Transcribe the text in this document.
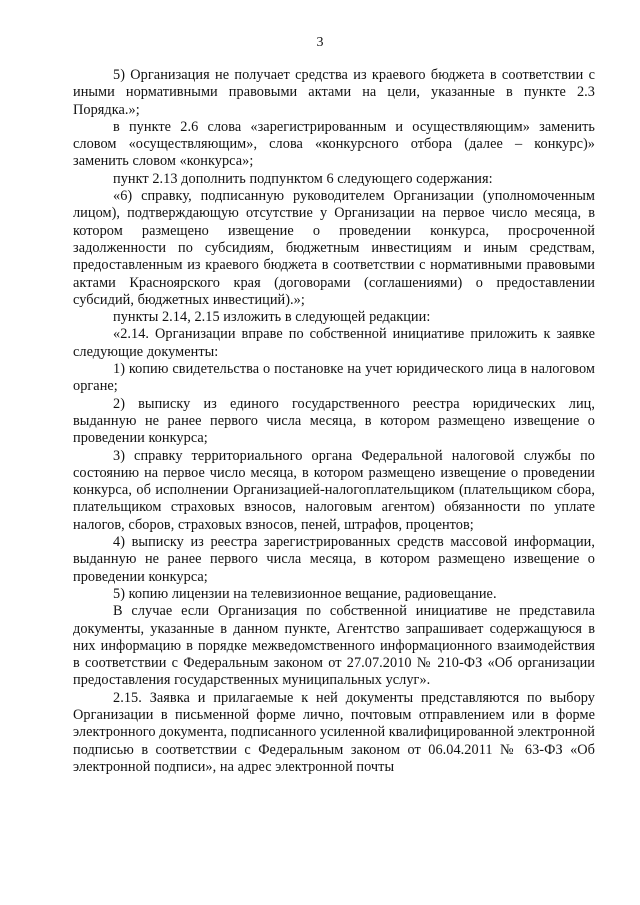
3

5) Организация не получает средства из краевого бюджета в соответствии с иными нормативными правовыми актами на цели, указанные в пункте 2.3 Порядка.»;

в пункте 2.6 слова «зарегистрированным и осуществляющим» заменить словом «осуществляющим», слова «конкурсного отбора (далее – конкурс)» заменить словом «конкурса»;

пункт 2.13 дополнить подпунктом 6 следующего содержания:

«6) справку, подписанную руководителем Организации (уполномоченным лицом), подтверждающую отсутствие у Организации на первое число месяца, в котором размещено извещение о проведении конкурса, просроченной задолженности по субсидиям, бюджетным инвестициям и иным средствам, предоставленным из краевого бюджета в соответствии с нормативными правовыми актами Красноярского края (договорами (соглашениями) о предоставлении субсидий, бюджетных инвестиций).»;

пункты 2.14, 2.15 изложить в следующей редакции:

«2.14. Организации вправе по собственной инициативе приложить к заявке следующие документы:

1) копию свидетельства о постановке на учет юридического лица в налоговом органе;

2) выписку из единого государственного реестра юридических лиц, выданную не ранее первого числа месяца, в котором размещено извещение о проведении конкурса;

3) справку территориального органа Федеральной налоговой службы по состоянию на первое число месяца, в котором размещено извещение о проведении конкурса, об исполнении Организацией-налогоплательщиком (плательщиком сбора, плательщиком страховых взносов, налоговым агентом) обязанности по уплате налогов, сборов, страховых взносов, пеней, штрафов, процентов;

4) выписку из реестра зарегистрированных средств массовой информации, выданную не ранее первого числа месяца, в котором размещено извещение о проведении конкурса;

5) копию лицензии на телевизионное вещание, радиовещание.

В случае если Организация по собственной инициативе не представила документы, указанные в данном пункте, Агентство запрашивает содержащуюся в них информацию в порядке межведомственного информационного взаимодействия в соответствии с Федеральным законом от 27.07.2010 № 210-ФЗ «Об организации предоставления государственных муниципальных услуг».

2.15. Заявка и прилагаемые к ней документы представляются по выбору Организации в письменной форме лично, почтовым отправлением или в форме электронного документа, подписанного усиленной квалифицированной электронной подписью в соответствии с Федеральным законом от 06.04.2011 № 63-ФЗ «Об электронной подписи», на адрес электронной почты
